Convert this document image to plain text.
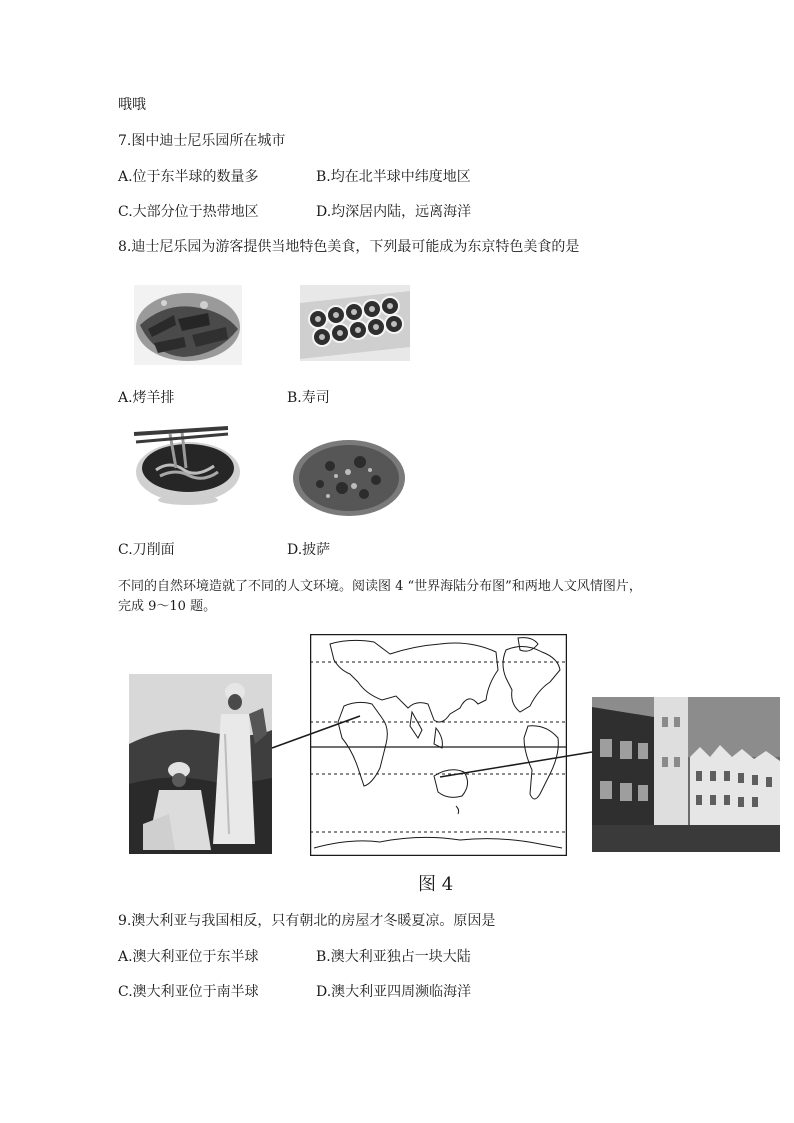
哦哦
7.图中迪士尼乐园所在城市
A.位于东半球的数量多	B.均在北半球中纬度地区
C.大部分位于热带地区	D.均深居内陆，远离海洋
8.迪士尼乐园为游客提供当地特色美食，下列最可能成为东京特色美食的是
A.烤羊排	B.寿司
C.刀削面	D.披萨
不同的自然环境造就了不同的人文环境。阅读图 4 “世界海陆分布图”和两地人文风情图片，
完成 9～10 题。
图 4
9.澳大利亚与我国相反，只有朝北的房屋才冬暖夏凉。原因是
A.澳大利亚位于东半球	B.澳大利亚独占一块大陆
C.澳大利亚位于南半球	D.澳大利亚四周濒临海洋
